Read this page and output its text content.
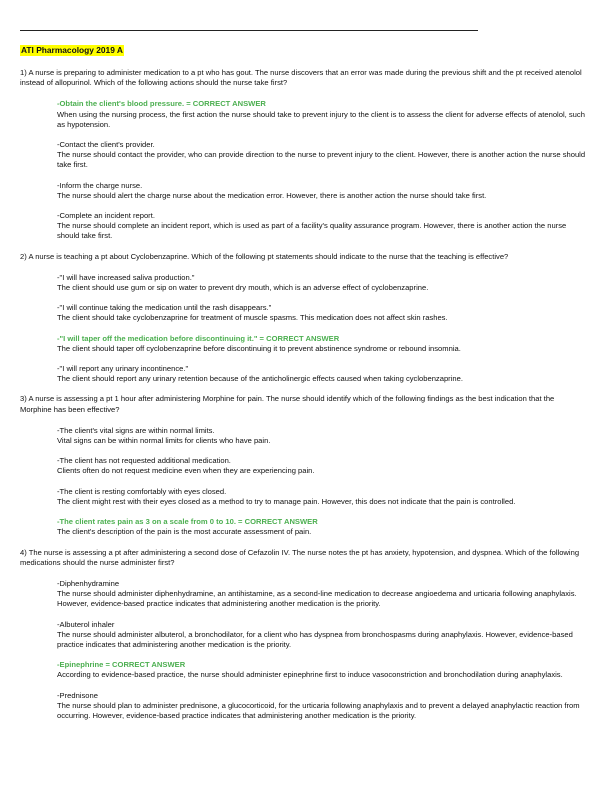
ATI Pharmacology 2019 A
1) A nurse is preparing to administer medication to a pt who has gout. The nurse discovers that an error was made during the previous shift and the pt received atenolol instead of allopurinol. Which of the following actions should the nurse take first?
-Obtain the client's blood pressure. = CORRECT ANSWER
When using the nursing process, the first action the nurse should take to prevent injury to the client is to assess the client for adverse effects of atenolol, such as hypotension.
-Contact the client's provider.
The nurse should contact the provider, who can provide direction to the nurse to prevent injury to the client. However, there is another action the nurse should take first.
-Inform the charge nurse.
The nurse should alert the charge nurse about the medication error. However, there is another action the nurse should take first.
-Complete an incident report.
The nurse should complete an incident report, which is used as part of a facility's quality assurance program. However, there is another action the nurse should take first.
2) A nurse is teaching a pt about Cyclobenzaprine. Which of the following pt statements should indicate to the nurse that the teaching is effective?
-"I will have increased saliva production."
The client should use gum or sip on water to prevent dry mouth, which is an adverse effect of cyclobenzaprine.
-"I will continue taking the medication until the rash disappears."
The client should take cyclobenzaprine for treatment of muscle spasms. This medication does not affect skin rashes.
-"I will taper off the medication before discontinuing it." = CORRECT ANSWER
The client should taper off cyclobenzaprine before discontinuing it to prevent abstinence syndrome or rebound insomnia.
-"I will report any urinary incontinence."
The client should report any urinary retention because of the anticholinergic effects caused when taking cyclobenzaprine.
3) A nurse is assessing a pt 1 hour after administering Morphine for pain. The nurse should identify which of the following findings as the best indication that the Morphine has been effective?
-The client's vital signs are within normal limits.
Vital signs can be within normal limits for clients who have pain.
-The client has not requested additional medication.
Clients often do not request medicine even when they are experiencing pain.
-The client is resting comfortably with eyes closed.
The client might rest with their eyes closed as a method to try to manage pain. However, this does not indicate that the pain is controlled.
-The client rates pain as 3 on a scale from 0 to 10. = CORRECT ANSWER
The client's description of the pain is the most accurate assessment of pain.
4) The nurse is assessing a pt after administering a second dose of Cefazolin IV. The nurse notes the pt has anxiety, hypotension, and dyspnea. Which of the following medications should the nurse administer first?
-Diphenhydramine
The nurse should administer diphenhydramine, an antihistamine, as a second-line medication to decrease angioedema and urticaria following anaphylaxis. However, evidence-based practice indicates that administering another medication is the priority.
-Albuterol inhaler
The nurse should administer albuterol, a bronchodilator, for a client who has dyspnea from bronchospasms during anaphylaxis. However, evidence-based practice indicates that administering another medication is the priority.
-Epinephrine = CORRECT ANSWER
According to evidence-based practice, the nurse should administer epinephrine first to induce vasoconstriction and bronchodilation during anaphylaxis.
-Prednisone
The nurse should plan to administer prednisone, a glucocorticoid, for the urticaria following anaphylaxis and to prevent a delayed anaphylactic reaction from occurring. However, evidence-based practice indicates that administering another medication is the priority.
